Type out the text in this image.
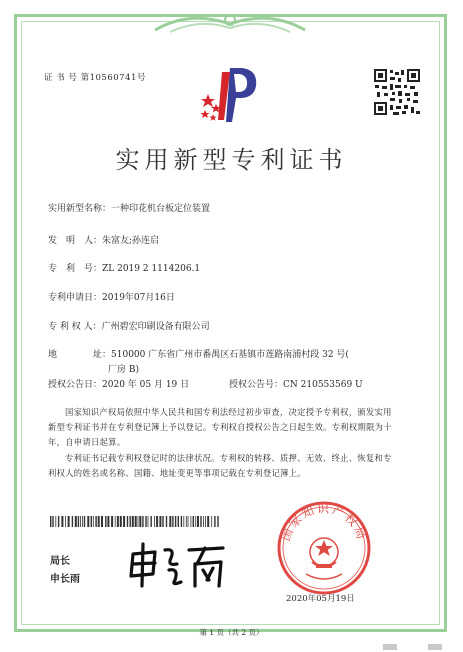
证 书 号 第10560741号
实用新型专利证书
实用新型名称：一种印花机台板定位装置
发　明　人：朱富友;孙连启
专　利　号：ZL 2019 2 1114206.1
专利申请日：2019年07月16日
专 利 权 人：广州碧宏印刷设备有限公司
地	址：510000 广东省广州市番禺区石基镇市莲路南浦村段 32 号(
厂房 B)
授权公告日：2020 年 05 月 19 日	授权公告号：CN 210553569 U
国家知识产权局依照中华人民共和国专利法经过初步审查，决定授予专利权，颁发实用
新型专利证书并在专利登记簿上予以登记。专利权自授权公告之日起生效。专利权期限为十
年，自申请日起算。
专利证书记载专利权登记时的法律状况。专利权的转移、质押、无效、终止、恢复和专
利权人的姓名或名称、国籍、地址变更等事项记载在专利登记簿上。
局长
申长雨
国家知识产权局
2020年05月19日
第 1 页（共 2 页）
